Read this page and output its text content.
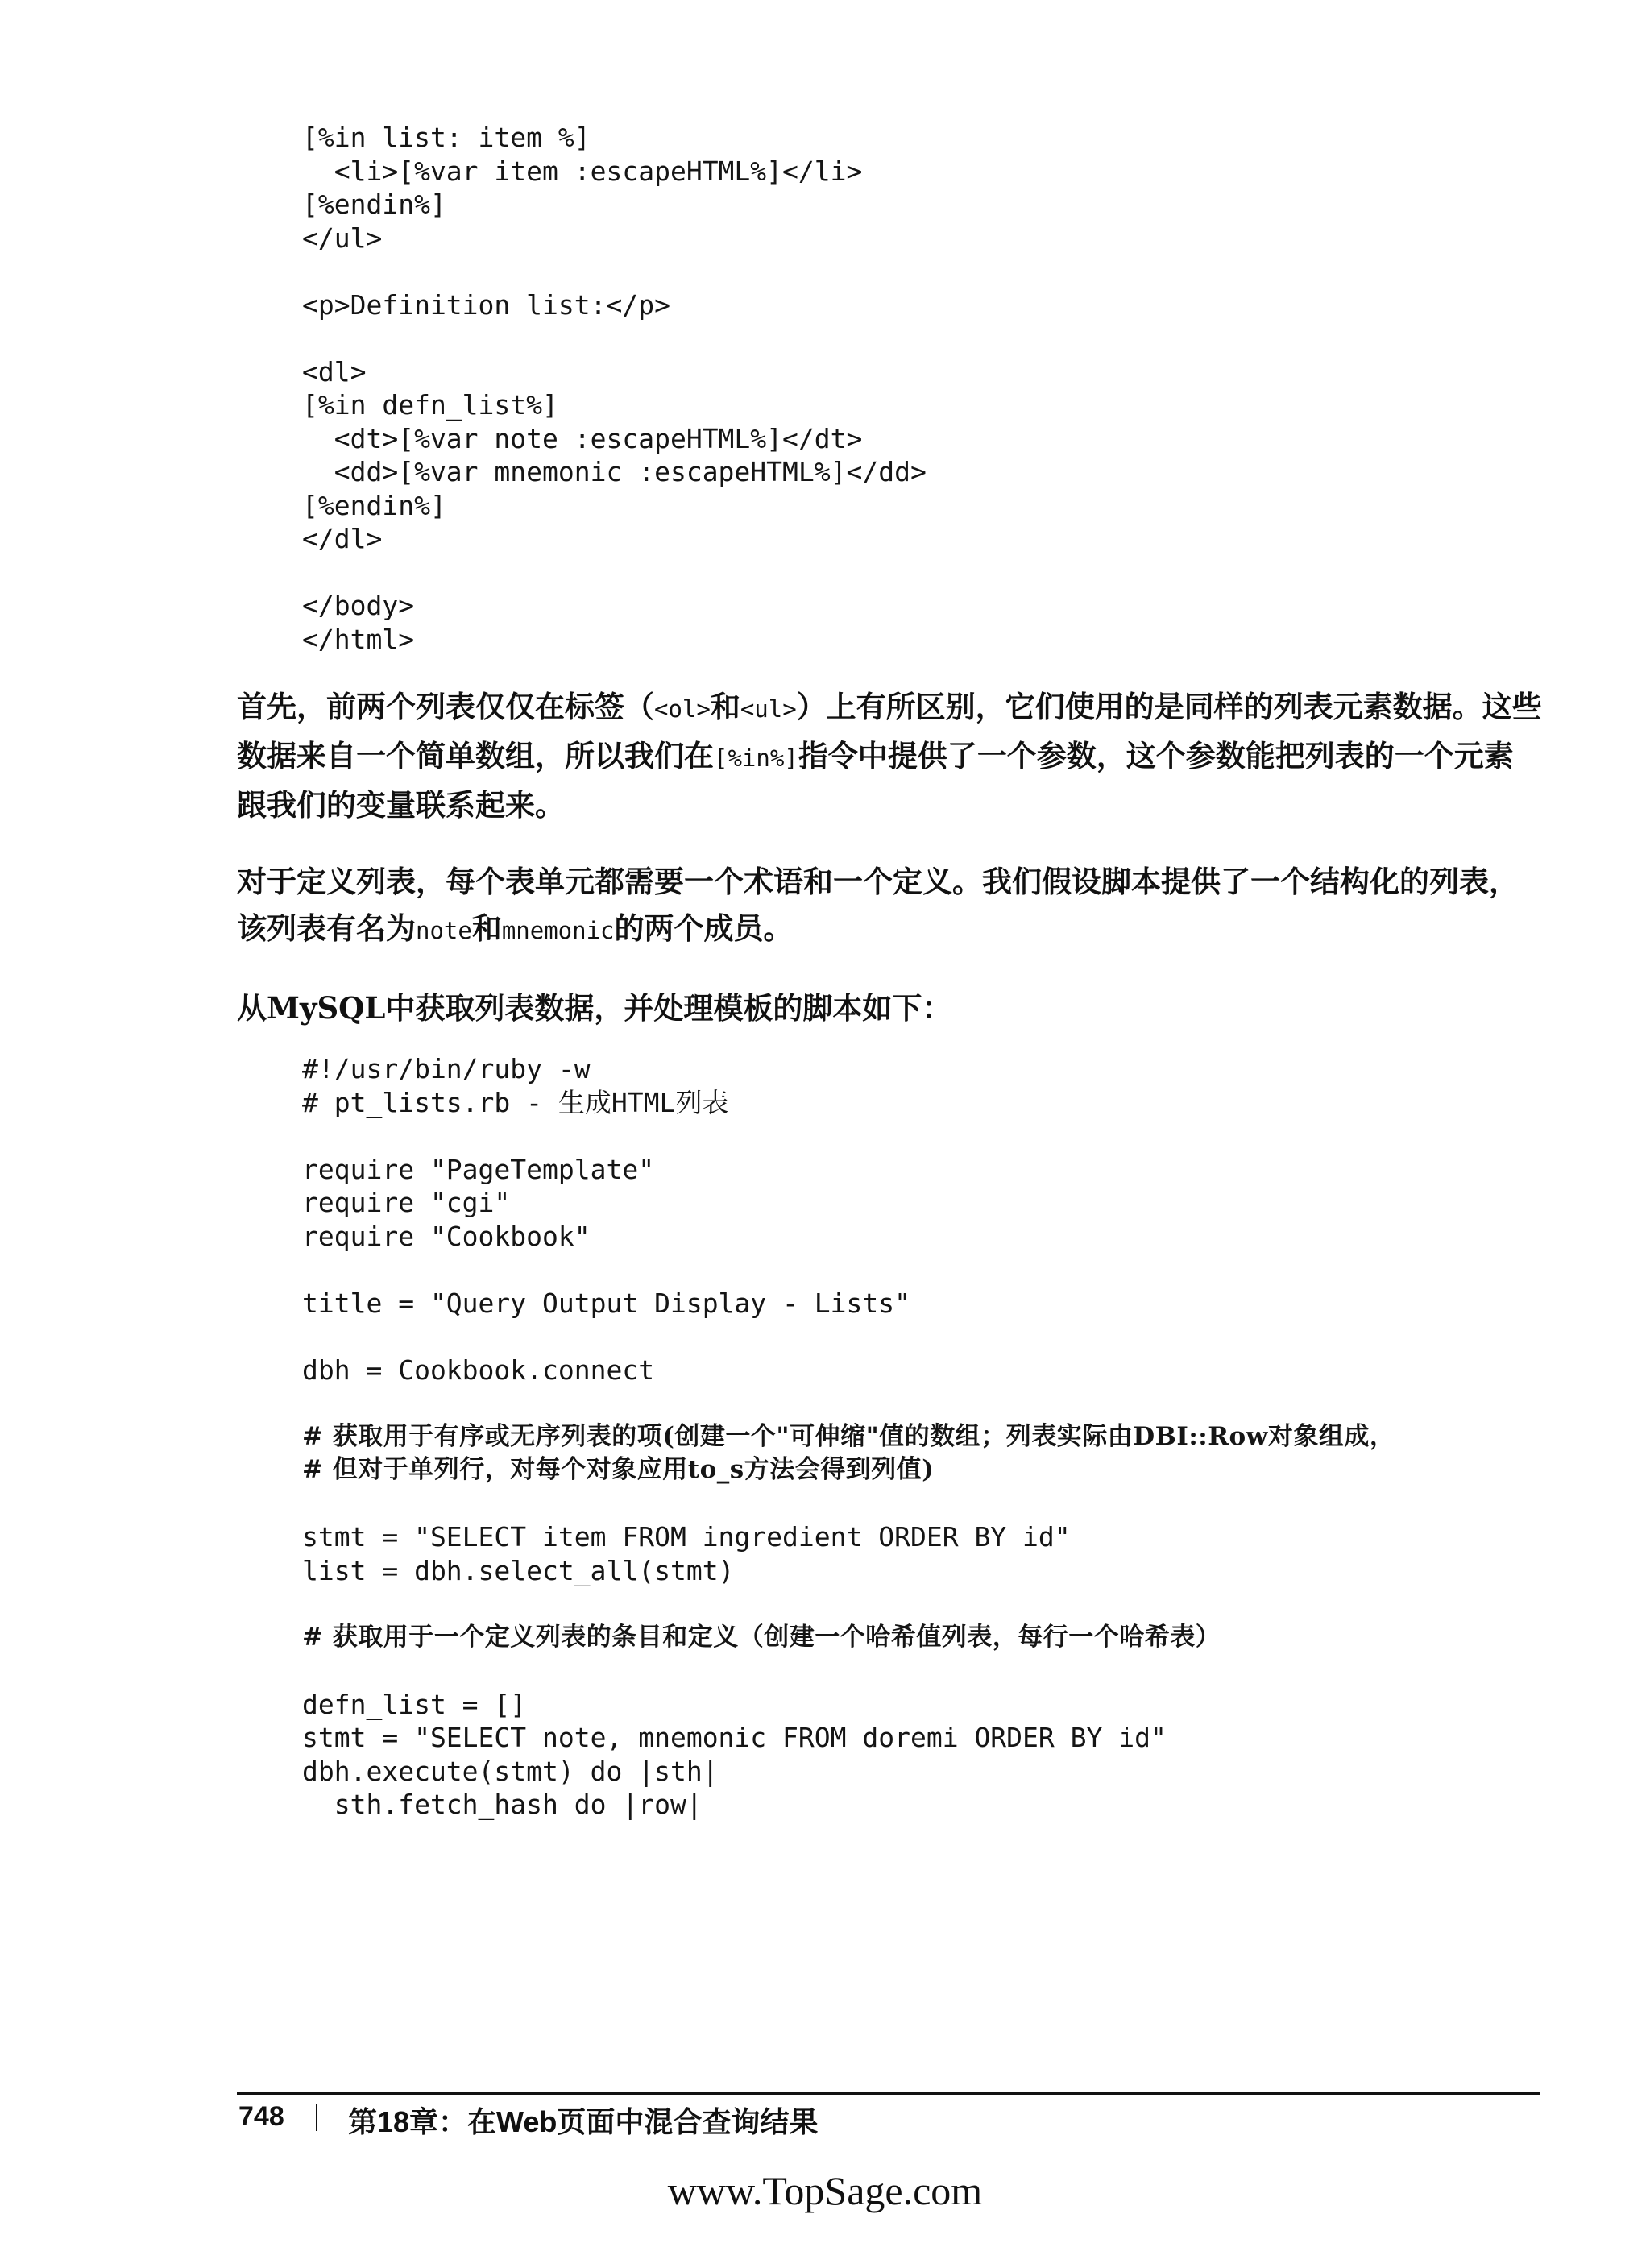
[%in list: item %]
<li>[%var item :escapeHTML%]</li>
[%endin%]
</ul>
<p>Definition list:</p>
<dl>
[%in defn_list%]
<dt>[%var note :escapeHTML%]</dt>
<dd>[%var mnemonic :escapeHTML%]</dd>
[%endin%]
</dl>
</body>
</html>

首先，前两个列表仅仅在标签（<ol>和<ul>）上有所区别，它们使用的是同样的列表元素数据。这些数据来自一个简单数组，所以我们在[%in%]指令中提供了一个参数，这个参数能把列表的一个元素跟我们的变量联系起来。

对于定义列表，每个表单元都需要一个术语和一个定义。我们假设脚本提供了一个结构化的列表，该列表有名为note和mnemonic的两个成员。

从MySQL中获取列表数据，并处理模板的脚本如下：

#!/usr/bin/ruby -w
# pt_lists.rb - 生成HTML列表
require "PageTemplate"
require "cgi"
require "Cookbook"
title = "Query Output Display - Lists"
dbh = Cookbook.connect
# 获取用于有序或无序列表的项(创建一个"可伸缩"值的数组；列表实际由DBI::Row对象组成，
# 但对于单列行，对每个对象应用to_s方法会得到列值)
stmt = "SELECT item FROM ingredient ORDER BY id"
list = dbh.select_all(stmt)
# 获取用于一个定义列表的条目和定义（创建一个哈希值列表，每行一个哈希表）
defn_list = []
stmt = "SELECT note, mnemonic FROM doremi ORDER BY id"
dbh.execute(stmt) do |sth|
sth.fetch_hash do |row|
748 第18章：在Web页面中混合查询结果
www.TopSage.com
